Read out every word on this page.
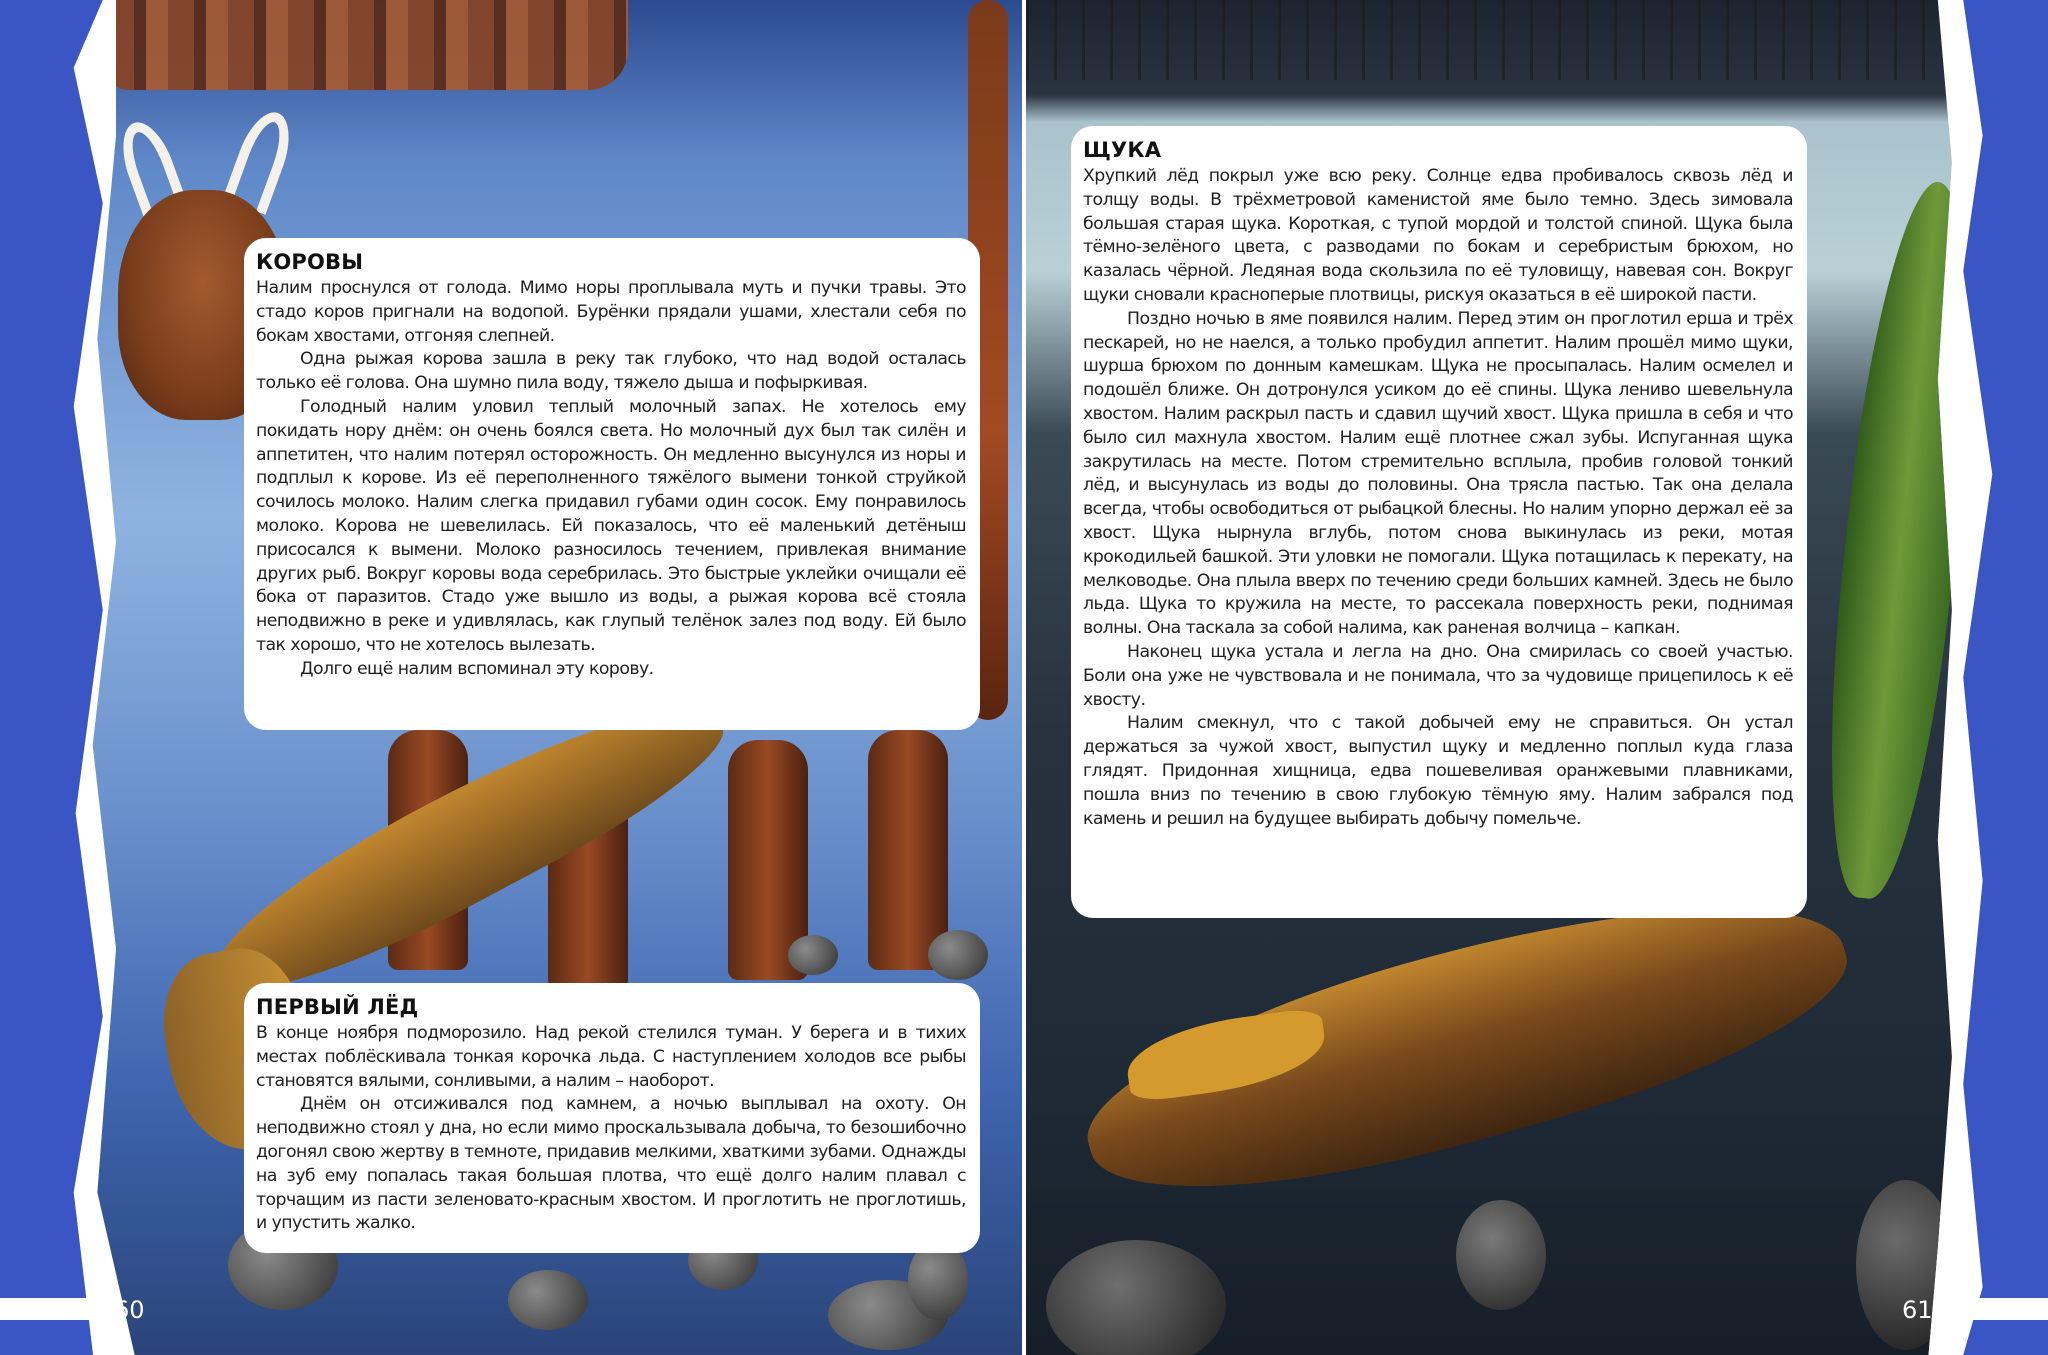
60	61
КОРОВЫ

Налим проснулся от голода. Мимо норы проплывала муть и пучки травы. Это стадо коров пригнали на водопой. Бурёнки прядали ушами, хлестали себя по бокам хвостами, отгоняя слепней.

Одна рыжая корова зашла в реку так глубоко, что над водой осталась только её голова. Она шумно пила воду, тяжело дыша и пофыркивая.

Голодный налим уловил теплый молочный запах. Не хотелось ему покидать нору днём: он очень боялся света. Но молочный дух был так силён и аппетитен, что налим потерял осторожность. Он медленно высунулся из норы и подплыл к корове. Из её переполненного тяжёлого вымени тонкой струйкой сочилось молоко. Налим слегка придавил губами один сосок. Ему понравилось молоко. Корова не шевелилась. Ей показалось, что её маленький детёныш присосался к вымени. Молоко разносилось течением, привлекая внимание других рыб. Вокруг коровы вода серебрилась. Это быстрые уклейки очищали её бока от паразитов. Стадо уже вышло из воды, а рыжая корова всё стояла неподвижно в реке и удивлялась, как глупый телёнок залез под воду. Ей было так хорошо, что не хотелось вылезать.

Долго ещё налим вспоминал эту корову.

ПЕРВЫЙ ЛЁД

В конце ноября подморозило. Над рекой стелился туман. У берега и в тихих местах поблёскивала тонкая корочка льда. С наступлением холодов все рыбы становятся вялыми, сонливыми, а налим – наоборот.

Днём он отсиживался под камнем, а ночью выплывал на охоту. Он неподвижно стоял у дна, но если мимо проскальзывала добыча, то безошибочно догонял свою жертву в темноте, придавив мелкими, хваткими зубами. Однажды на зуб ему попалась такая большая плотва, что ещё долго налим плавал с торчащим из пасти зеленовато-красным хвостом. И проглотить не проглотишь, и упустить жалко.

ЩУКА

Хрупкий лёд покрыл уже всю реку. Солнце едва пробивалось сквозь лёд и толщу воды. В трёхметровой каменистой яме было темно. Здесь зимовала большая старая щука. Короткая, с тупой мордой и толстой спиной. Щука была тёмно-зелёного цвета, с разводами по бокам и серебристым брюхом, но казалась чёрной. Ледяная вода скользила по её туловищу, навевая сон. Вокруг щуки сновали красноперые плотвицы, рискуя оказаться в её широкой пасти.

Поздно ночью в яме появился налим. Перед этим он проглотил ерша и трёх пескарей, но не наелся, а только пробудил аппетит. Налим прошёл мимо щуки, шурша брюхом по донным камешкам. Щука не просыпалась. Налим осмелел и подошёл ближе. Он дотронулся усиком до её спины. Щука лениво шевельнула хвостом. Налим раскрыл пасть и сдавил щучий хвост. Щука пришла в себя и что было сил махнула хвостом. Налим ещё плотнее сжал зубы. Испуганная щука закрутилась на месте. Потом стремительно всплыла, пробив головой тонкий лёд, и высунулась из воды до половины. Она трясла пастью. Так она делала всегда, чтобы освободиться от рыбацкой блесны. Но налим упорно держал её за хвост. Щука нырнула вглубь, потом снова выкинулась из реки, мотая крокодильей башкой. Эти уловки не помогали. Щука потащилась к перекату, на мелководье. Она плыла вверх по течению среди больших камней. Здесь не было льда. Щука то кружила на месте, то рассекала поверхность реки, поднимая волны. Она таскала за собой налима, как раненая волчица – капкан.

Наконец щука устала и легла на дно. Она смирилась со своей участью. Боли она уже не чувствовала и не понимала, что за чудовище прицепилось к её хвосту.

Налим смекнул, что с такой добычей ему не справиться. Он устал держаться за чужой хвост, выпустил щуку и медленно поплыл куда глаза глядят. Придонная хищница, едва пошевеливая оранжевыми плавниками, пошла вниз по течению в свою глубокую тёмную яму. Налим забрался под камень и решил на будущее выбирать добычу помельче.
